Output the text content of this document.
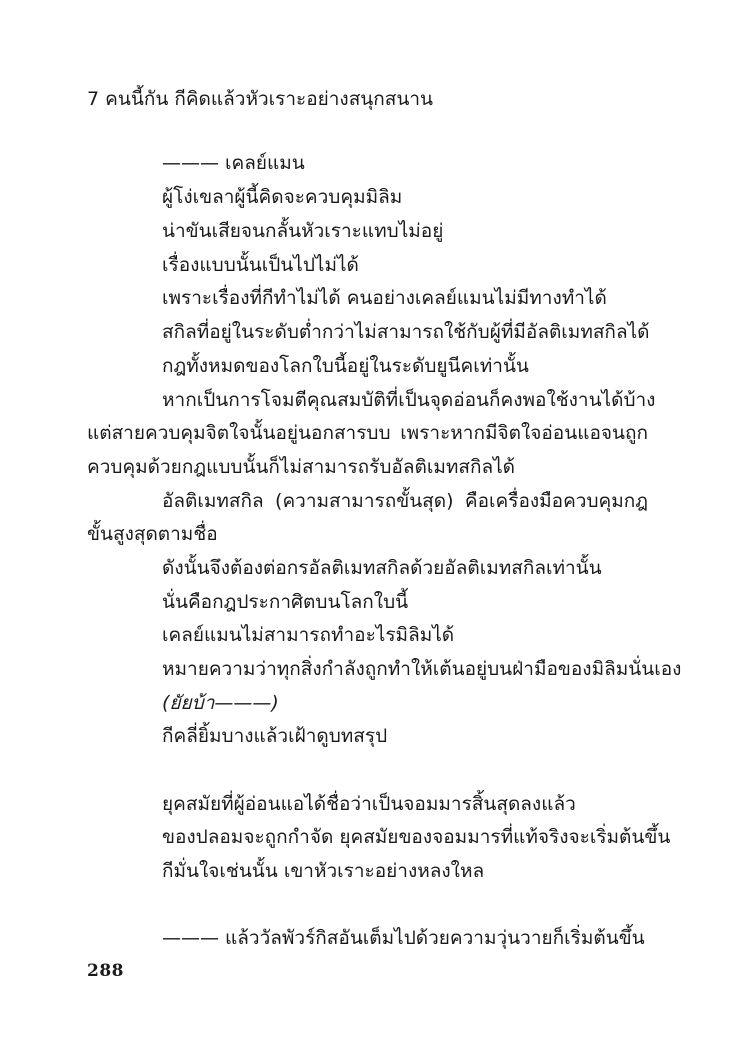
7 คนนี้กัน กีคิดแล้วหัวเราะอย่างสนุกสนาน
——— เคลย์แมน
ผู้โง่เขลาผู้นี้คิดจะควบคุมมิลิม
น่าขันเสียจนกลั้นหัวเราะแทบไม่อยู่
เรื่องแบบนั้นเป็นไปไม่ได้
เพราะเรื่องที่กีทำไม่ได้ คนอย่างเคลย์แมนไม่มีทางทำได้
สกิลที่อยู่ในระดับต่ำกว่าไม่สามารถใช้กับผู้ที่มีอัลติเมทสกิลได้
กฎทั้งหมดของโลกใบนี้อยู่ในระดับยูนีคเท่านั้น
หากเป็นการโจมตีคุณสมบัติที่เป็นจุดอ่อนก็คงพอใช้งานได้บ้าง
แต่สายควบคุมจิตใจนั้นอยู่นอกสารบบ เพราะหากมีจิตใจอ่อนแอจนถูก
ควบคุมด้วยกฎแบบนั้นก็ไม่สามารถรับอัลติเมทสกิลได้
อัลติเมทสกิล (ความสามารถขั้นสุด) คือเครื่องมือควบคุมกฎ
ขั้นสูงสุดตามชื่อ
ดังนั้นจึงต้องต่อกรอัลติเมทสกิลด้วยอัลติเมทสกิลเท่านั้น
นั่นคือกฎประกาศิตบนโลกใบนี้
เคลย์แมนไม่สามารถทำอะไรมิลิมได้
หมายความว่าทุกสิ่งกำลังถูกทำให้เต้นอยู่บนฝ่ามือของมิลิมนั่นเอง
(ยัยบ้า———)
กีคลี่ยิ้มบางแล้วเฝ้าดูบทสรุป
ยุคสมัยที่ผู้อ่อนแอได้ชื่อว่าเป็นจอมมารสิ้นสุดลงแล้ว
ของปลอมจะถูกกำจัด ยุคสมัยของจอมมารที่แท้จริงจะเริ่มต้นขึ้น
กีมั่นใจเช่นนั้น เขาหัวเราะอย่างหลงใหล
——— แล้ววัลพัวร์กิสอันเต็มไปด้วยความวุ่นวายก็เริ่มต้นขึ้น
288
